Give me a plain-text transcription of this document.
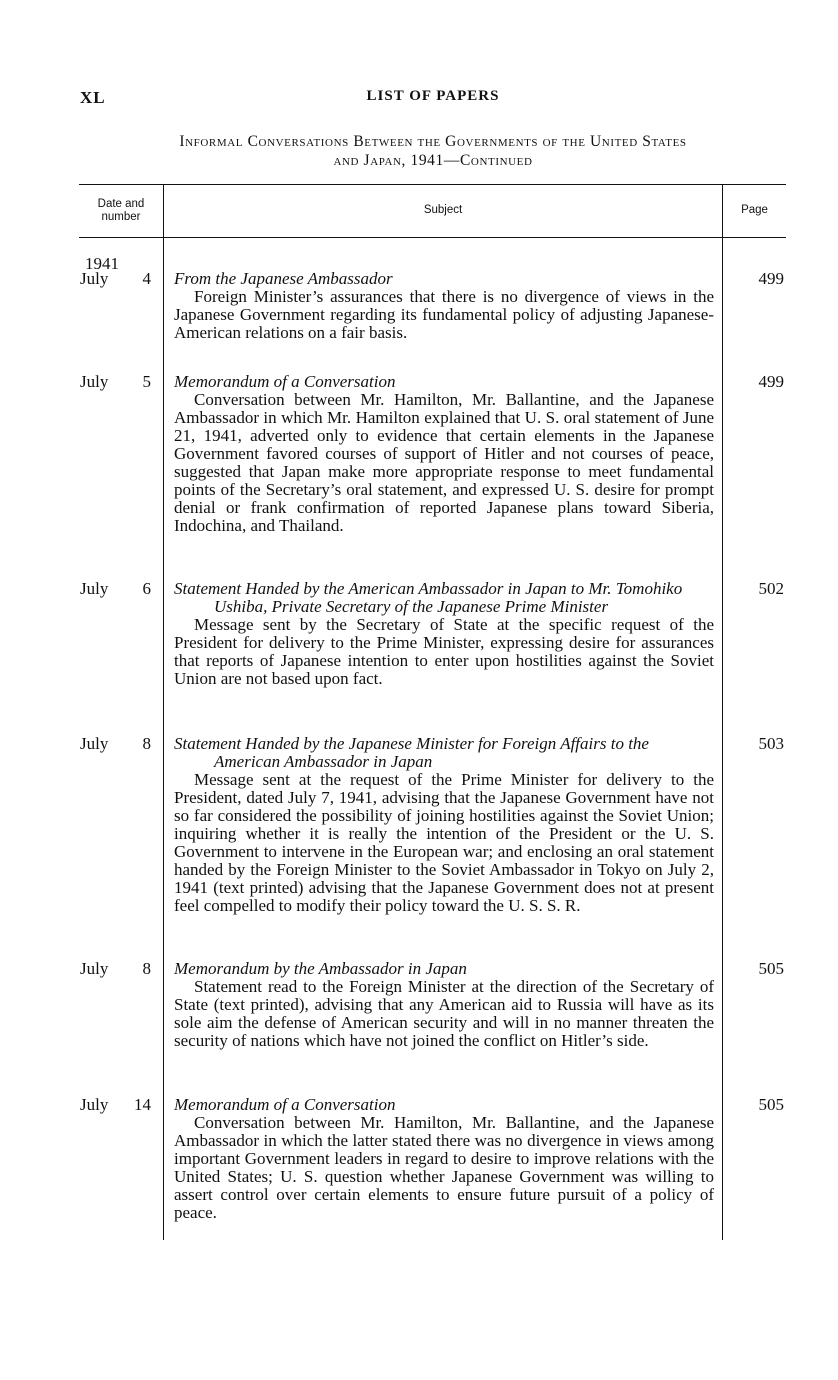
XL	LIST OF PAPERS
Informal Conversations Between the Governments of the United States
and Japan, 1941—Continued
Date and number
Subject	Page
1941
July 4 From the Japanese Ambassador
Foreign Minister’s assurances that there is no divergence of views in the Japanese Government regarding its fundamental policy of adjusting Japanese-American relations on a fair basis.
499
July 5 Memorandum of a Conversation
Conversation between Mr. Hamilton, Mr. Ballantine, and the Japanese Ambassador in which Mr. Hamilton explained that U. S. oral statement of June 21, 1941, adverted only to evidence that certain elements in the Japanese Government favored courses of support of Hitler and not courses of peace, suggested that Japan make more appropriate response to meet fundamental points of the Secretary’s oral statement, and expressed U. S. desire for prompt denial or frank confirmation of reported Japanese plans toward Siberia, Indochina, and Thailand.
499
July 6 Statement Handed by the American Ambassador in Japan to Mr. Tomohiko Ushiba, Private Secretary of the Japanese Prime Minister
Message sent by the Secretary of State at the specific request of the President for delivery to the Prime Minister, expressing desire for assurances that reports of Japanese intention to enter upon hostilities against the Soviet Union are not based upon fact.
502
July 8 Statement Handed by the Japanese Minister for Foreign Affairs to the American Ambassador in Japan
Message sent at the request of the Prime Minister for delivery to the President, dated July 7, 1941, advising that the Japanese Government have not so far considered the possibility of joining hostilities against the Soviet Union; inquiring whether it is really the intention of the President or the U. S. Government to intervene in the European war; and enclosing an oral statement handed by the Foreign Minister to the Soviet Ambassador in Tokyo on July 2, 1941 (text printed) advising that the Japanese Government does not at present feel compelled to modify their policy toward the U. S. S. R.
503
July 8 Memorandum by the Ambassador in Japan
Statement read to the Foreign Minister at the direction of the Secretary of State (text printed), advising that any American aid to Russia will have as its sole aim the defense of American security and will in no manner threaten the security of nations which have not joined the conflict on Hitler’s side.
505
July 14 Memorandum of a Conversation
Conversation between Mr. Hamilton, Mr. Ballantine, and the Japanese Ambassador in which the latter stated there was no divergence in views among important Government leaders in regard to desire to improve relations with the United States; U. S. question whether Japanese Government was willing to assert control over certain elements to ensure future pursuit of a policy of peace.
505
